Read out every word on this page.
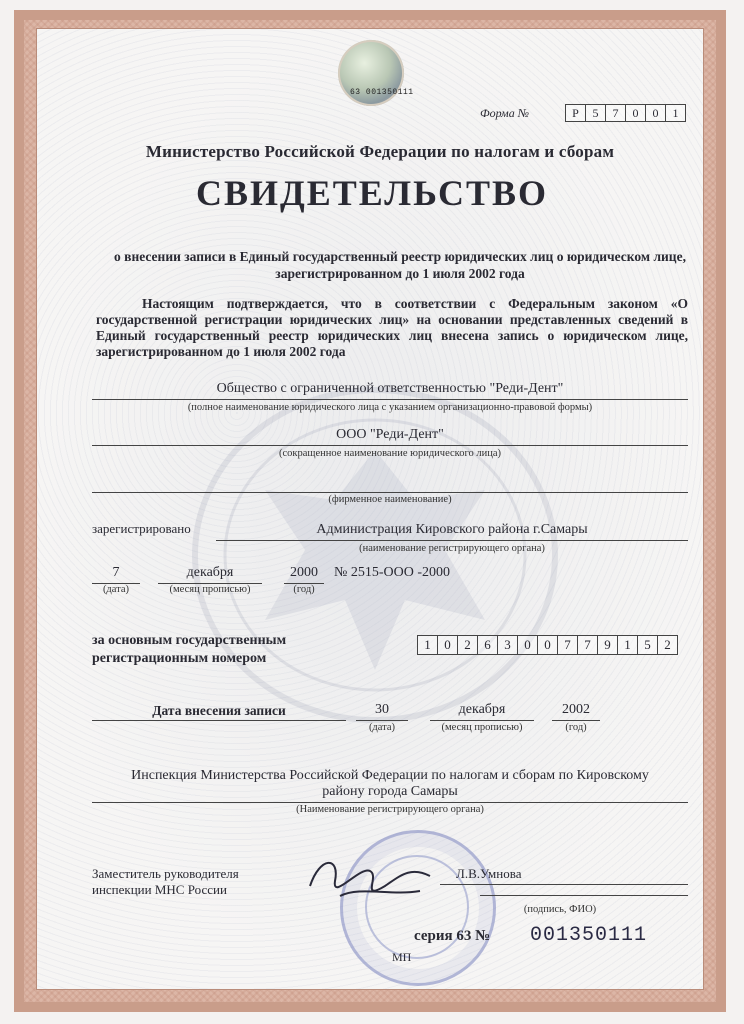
63 001350111
Форма №	Р	5	7	0	0	1
Министерство Российской Федерации по налогам и сборам
СВИДЕТЕЛЬСТВО
о внесении записи в Единый государственный реестр юридических лиц о юридическом лице, зарегистрированном до 1 июля 2002 года
Настоящим подтверждается, что в соответствии с Федеральным законом «О государственной регистрации юридических лиц» на основании представленных сведений в Единый государственный реестр юридических лиц внесена запись о юридическом лице, зарегистрированном до 1 июля 2002 года
Общество с ограниченной ответственностью "Реди-Дент"
(полное наименование юридического лица с указанием организационно-правовой формы)
ООО "Реди-Дент"
(сокращенное наименование юридического лица)
(фирменное наименование)
зарегистрировано	Администрация Кировского района г.Самары
(наименование регистрирующего органа)
7
(дата)
декабря
(месяц прописью)
2000
(год)
№ 2515-ООО -2000
за основным государственным
регистрационным номером
1	0	2	6	3	0	0	7	7	9	1	5	2
Дата внесения записи	30
(дата)
декабря
(месяц прописью)
2002
(год)
Инспекция Министерства Российской Федерации по налогам и сборам по Кировскому
району города Самары
(Наименование регистрирующего органа)
Заместитель руководителя
инспекции МНС России
Л.В.Умнова
(подпись, ФИО)
серия 63 № 001350111
МП
